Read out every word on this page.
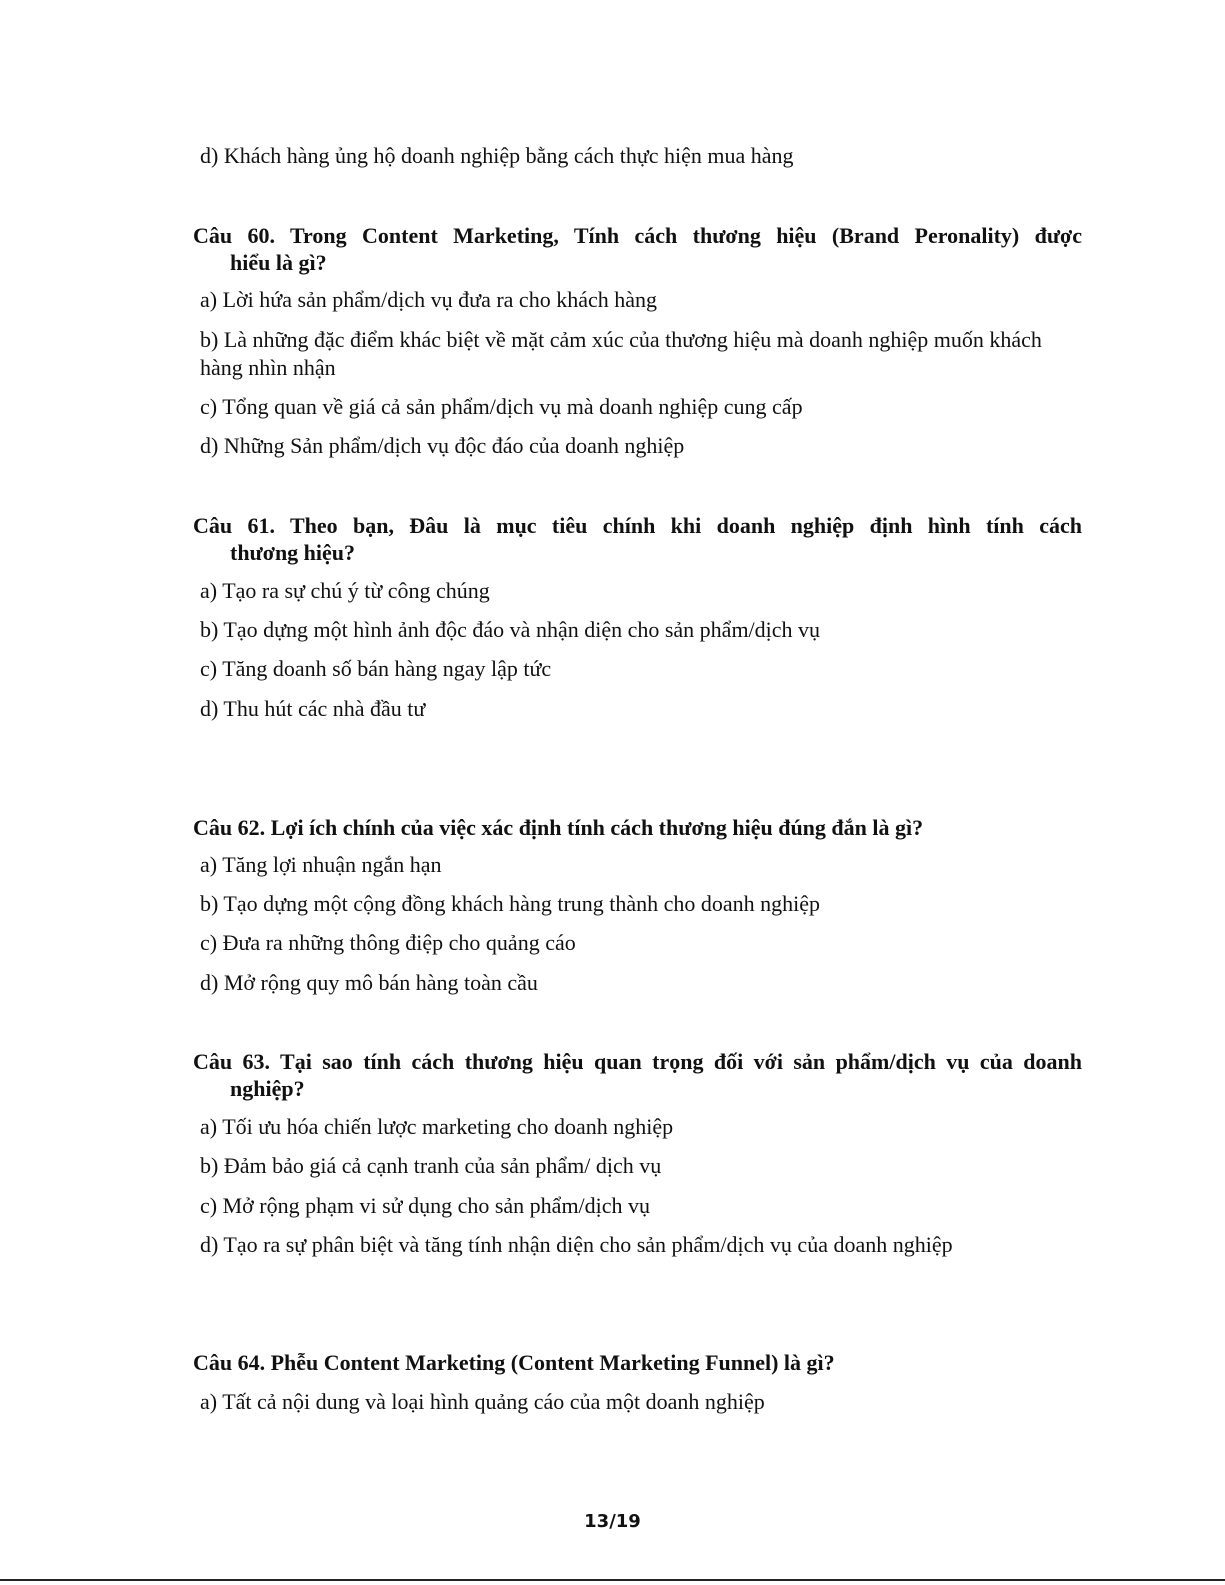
d) Khách hàng ủng hộ doanh nghiệp bằng cách thực hiện mua hàng
Câu 60. Trong Content Marketing, Tính cách thương hiệu (Brand Peronality) được
hiểu là gì?
a) Lời hứa sản phẩm/dịch vụ đưa ra cho khách hàng
b) Là những đặc điểm khác biệt về mặt cảm xúc của thương hiệu mà doanh nghiệp muốn khách hàng nhìn nhận
c) Tổng quan về giá cả sản phẩm/dịch vụ mà doanh nghiệp cung cấp
d) Những Sản phẩm/dịch vụ độc đáo của doanh nghiệp
Câu 61. Theo bạn, Đâu là mục tiêu chính khi doanh nghiệp định hình tính cách
thương hiệu?
a) Tạo ra sự chú ý từ công chúng
b) Tạo dựng một hình ảnh độc đáo và nhận diện cho sản phẩm/dịch vụ
c) Tăng doanh số bán hàng ngay lập tức
d) Thu hút các nhà đầu tư
Câu 62. Lợi ích chính của việc xác định tính cách thương hiệu đúng đắn là gì?
a) Tăng lợi nhuận ngắn hạn
b) Tạo dựng một cộng đồng khách hàng trung thành cho doanh nghiệp
c) Đưa ra những thông điệp cho quảng cáo
d) Mở rộng quy mô bán hàng toàn cầu
Câu 63. Tại sao tính cách thương hiệu quan trọng đối với sản phẩm/dịch vụ của doanh
nghiệp?
a) Tối ưu hóa chiến lược marketing cho doanh nghiệp
b) Đảm bảo giá cả cạnh tranh của sản phẩm/ dịch vụ
c) Mở rộng phạm vi sử dụng cho sản phẩm/dịch vụ
d) Tạo ra sự phân biệt và tăng tính nhận diện cho sản phẩm/dịch vụ của doanh nghiệp
Câu 64. Phễu Content Marketing (Content Marketing Funnel) là gì?
a) Tất cả nội dung và loại hình quảng cáo của một doanh nghiệp
13/19
